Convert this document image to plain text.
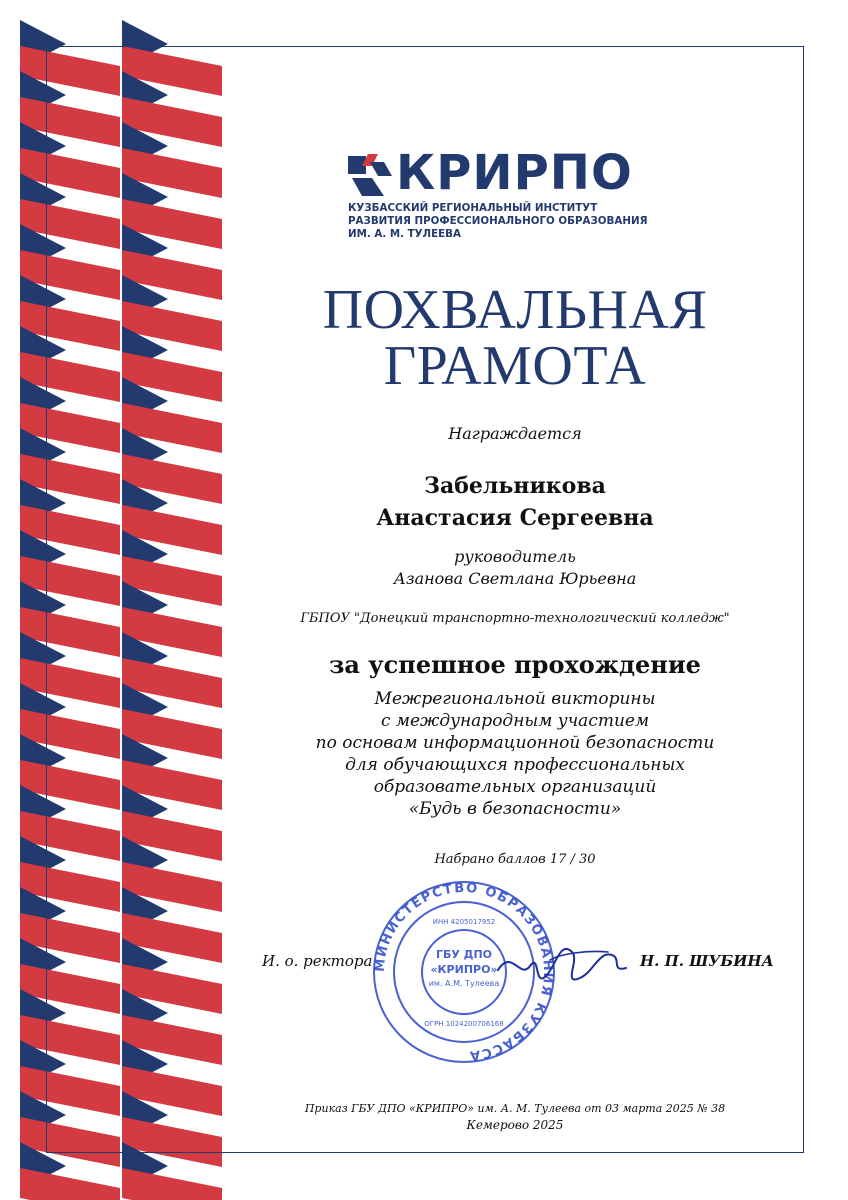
КРИРПО
КУЗБАССКИЙ РЕГИОНАЛЬНЫЙ ИНСТИТУТ
РАЗВИТИЯ ПРОФЕССИОНАЛЬНОГО ОБРАЗОВАНИЯ
ИМ. А. М. ТУЛЕЕВА
ПОХВАЛЬНАЯ
ГРАМОТА
Награждается
Забельникова
Анастасия Сергеевна
руководитель
Азанова Светлана Юрьевна
ГБПОУ "Донецкий транспортно-технологический колледж"
за успешное прохождение
Межрегиональной викторины
с международным участием
по основам информационной безопасности
для обучающихся профессиональных
образовательных организаций
«Будь в безопасности»
Набрано баллов 17 / 30
МИНИСТЕРСТВО ОБРАЗОВАНИЯ КУЗБАССА
ГБУ ДПО
«КРИПРО»
им. А.М. Тулеева
ИНН 4205017952
ОГРН 1024200706168
И. о. ректора	Н. П. ШУБИНА
Приказ ГБУ ДПО «КРИПРО» им. А. М. Тулеева от 03 марта 2025 № 38
Кемерово 2025
